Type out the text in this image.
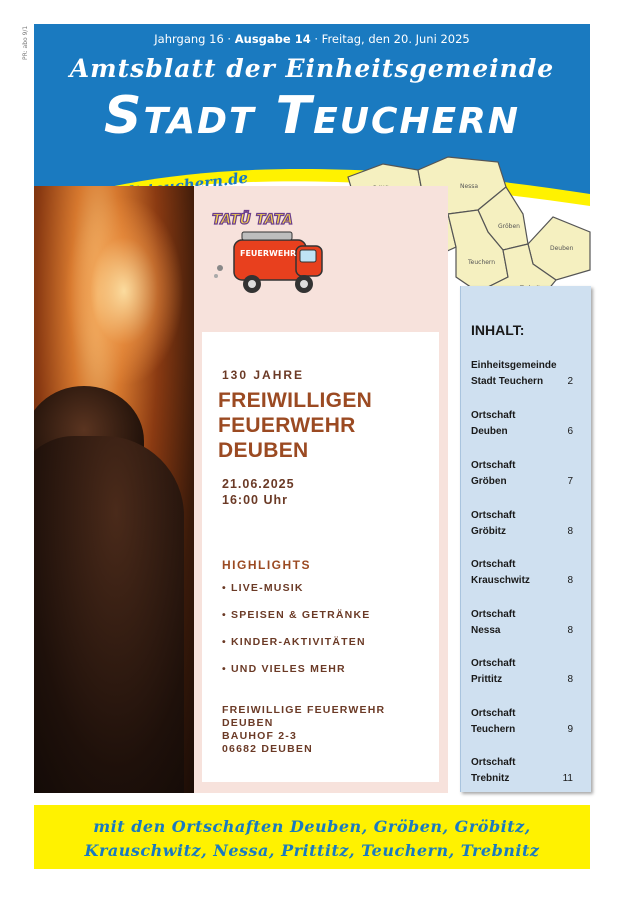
PR: abo 9/1	Jahrgang 16 · Ausgabe 14 · Freitag, den 20. Juni 2025
Amtsblatt der Einheitsgemeinde
Stadt Teuchern
Nessa
Gröben
Deuben
Teuchern
TATÜ TATA
FEUERWEHR
130 JAHRE
FREIWILLIGEN
FEUERWEHR
DEUBEN
21.06.2025
16:00 Uhr
HIGHLIGHTS
• LIVE-MUSIK
• SPEISEN & GETRÄNKE
• KINDER-AKTIVITÄTEN
• UND VIELES MEHR
FREIWILLIGE FEUERWEHR
DEUBEN
BAUHOF 2-3
06682 DEUBEN
INHALT:
Einheitsgemeinde
Stadt Teuchern	2
Ortschaft
Deuben	6
Ortschaft
Gröben	7
Ortschaft
Gröbitz	8
Ortschaft
Krauschwitz	8
Ortschaft
Nessa	8
Ortschaft
Prittitz	8
Ortschaft
Teuchern	9
Ortschaft
Trebnitz	11
mit den Ortschaften Deuben, Gröben, Gröbitz,
Krauschwitz, Nessa, Prittitz, Teuchern, Trebnitz
